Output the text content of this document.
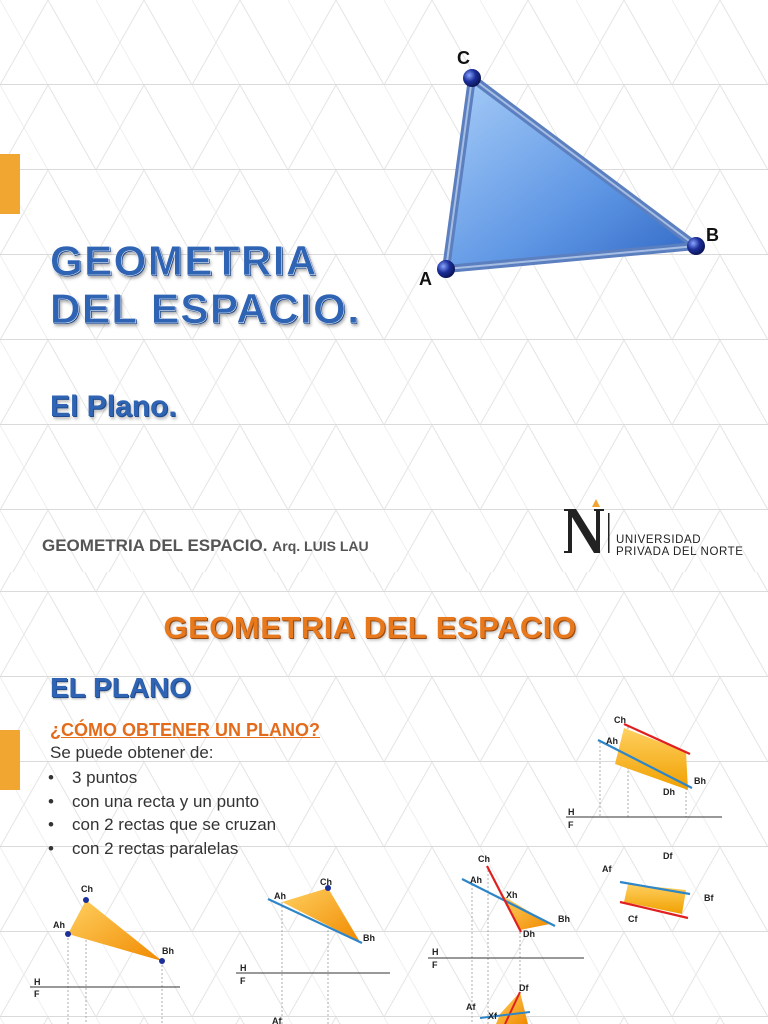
C
B
A
GEOMETRIA
DEL ESPACIO.
El Plano.
GEOMETRIA DEL ESPACIO. Arq. LUIS LAU	UNIVERSIDAD
PRIVADA DEL NORTE
GEOMETRIA DEL ESPACIO
EL PLANO
¿CÓMO OBTENER UN PLANO?
Se puede obtener de:
• 3 puntos
• con una recta y un punto
• con 2 rectas que se cruzan
• con 2 rectas paralelas
Ch
Ah
Bh
H
F
Ch
Ah
Bh
H
F
Af
Ch
Ah
Xh
Bh
Dh
H
F
Df
Af
Xf
Ch
Ah
Bh
Dh
H
F
Df
Af
Bf
Cf
